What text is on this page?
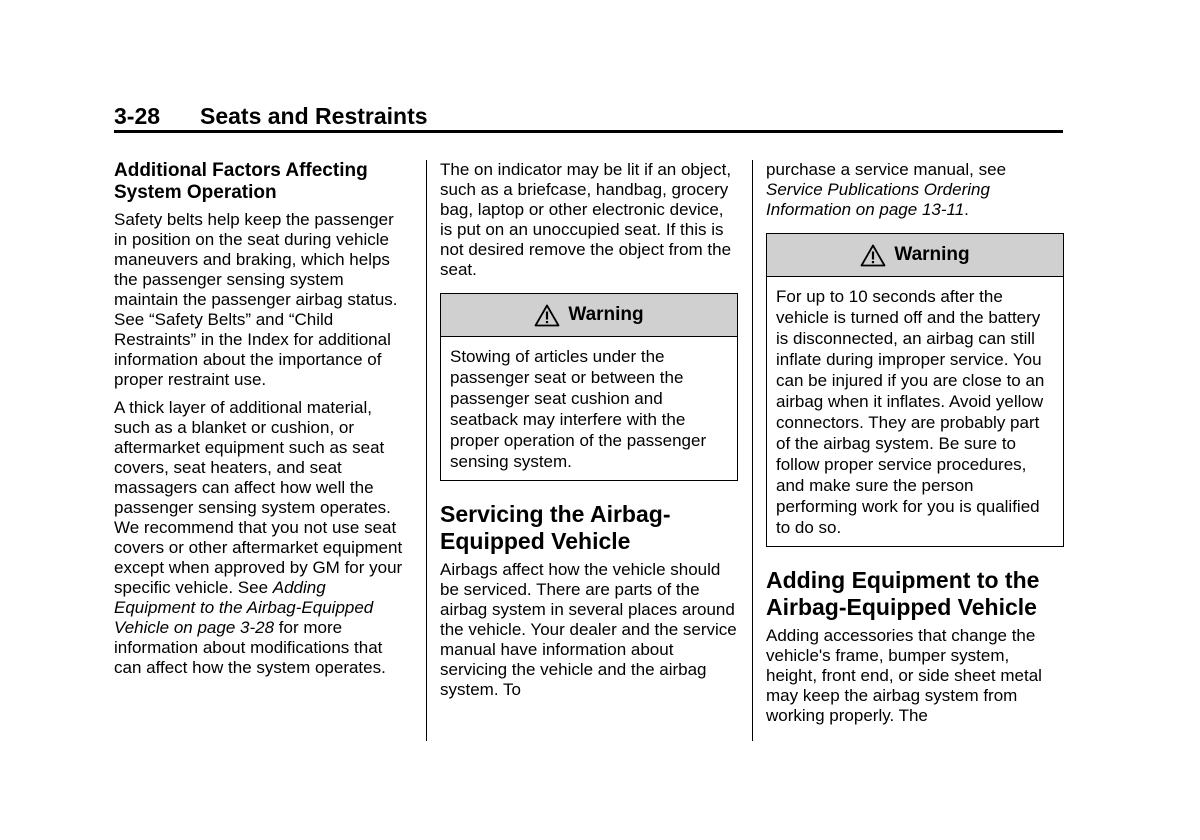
3-28 Seats and Restraints
Additional Factors Affecting System Operation

Safety belts help keep the passenger in position on the seat during vehicle maneuvers and braking, which helps the passenger sensing system maintain the passenger airbag status. See “Safety Belts” and “Child Restraints” in the Index for additional information about the importance of proper restraint use.

A thick layer of additional material, such as a blanket or cushion, or aftermarket equipment such as seat covers, seat heaters, and seat massagers can affect how well the passenger sensing system operates. We recommend that you not use seat covers or other aftermarket equipment except when approved by GM for your specific vehicle. See Adding Equipment to the Airbag-Equipped Vehicle on page 3-28 for more information about modifications that can affect how the system operates.

The on indicator may be lit if an object, such as a briefcase, handbag, grocery bag, laptop or other electronic device, is put on an unoccupied seat. If this is not desired remove the object from the seat.

Warning
Stowing of articles under the passenger seat or between the passenger seat cushion and seatback may interfere with the proper operation of the passenger sensing system.
Servicing the Airbag-Equipped Vehicle

Airbags affect how the vehicle should be serviced. There are parts of the airbag system in several places around the vehicle. Your dealer and the service manual have information about servicing the vehicle and the airbag system. To

purchase a service manual, see Service Publications Ordering Information on page 13-11.

Warning
For up to 10 seconds after the vehicle is turned off and the battery is disconnected, an airbag can still inflate during improper service. You can be injured if you are close to an airbag when it inflates. Avoid yellow connectors. They are probably part of the airbag system. Be sure to follow proper service procedures, and make sure the person performing work for you is qualified to do so.
Adding Equipment to the Airbag-Equipped Vehicle

Adding accessories that change the vehicle's frame, bumper system, height, front end, or side sheet metal may keep the airbag system from working properly. The
